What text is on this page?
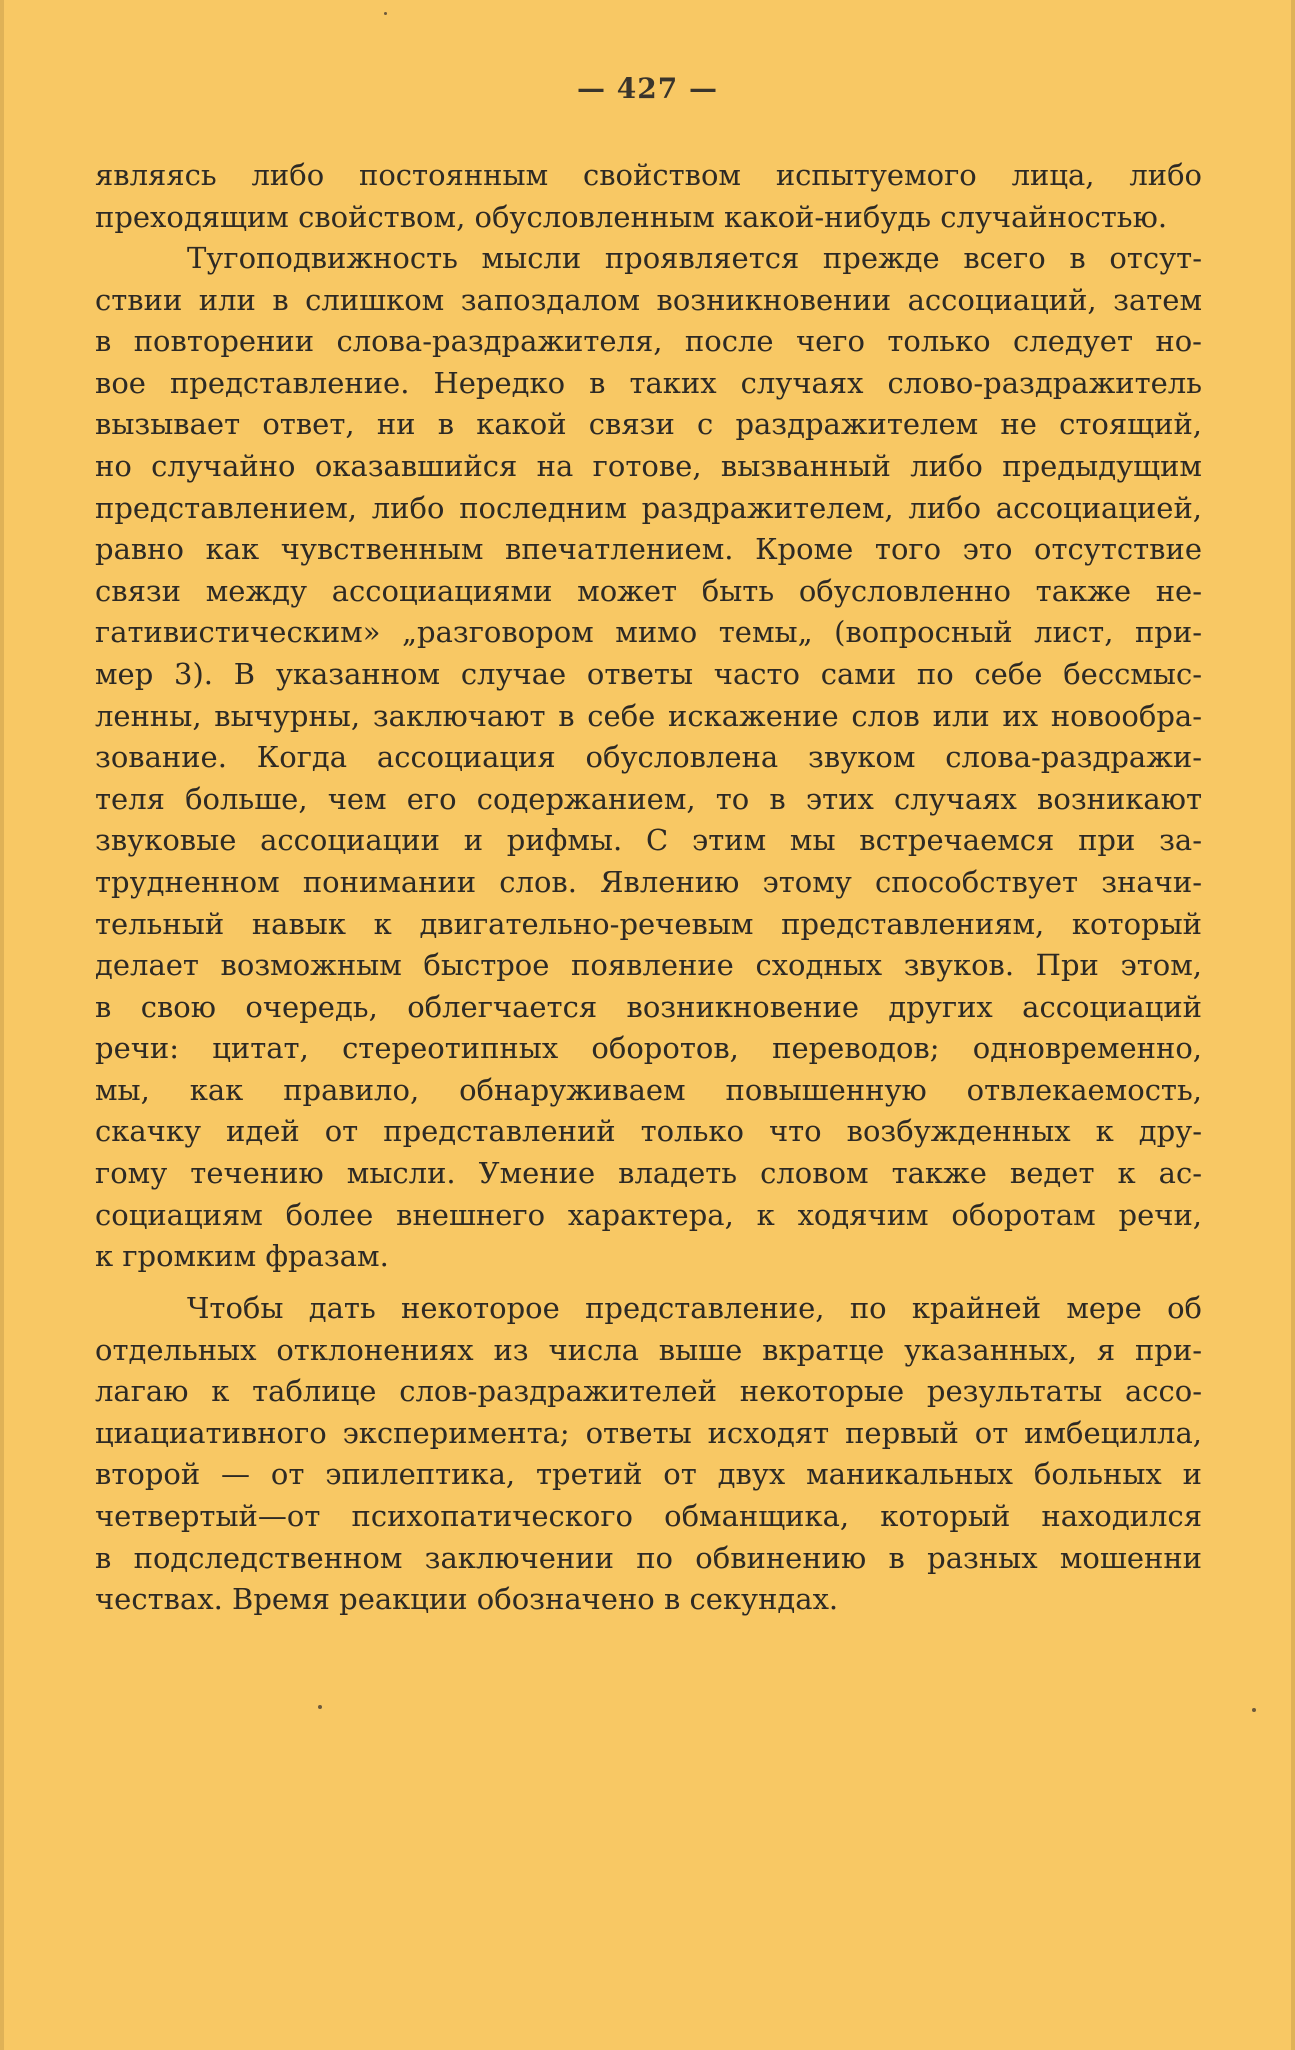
— 427 —
являясь либо постоянным свойством испытуемого лица, либо
преходящим свойством, обусловленным какой-нибудь случайностью.
Тугоподвижность мысли проявляется прежде всего в отсут-
ствии или в слишком запоздалом возникновении ассоциаций, затем
в повторении слова-раздражителя, после чего только следует но-
вое представление. Нередко в таких случаях слово-раздражитель
вызывает ответ, ни в какой связи с раздражителем не стоящий,
но случайно оказавшийся на готове, вызванный либо предыдущим
представлением, либо последним раздражителем, либо ассоциацией,
равно как чувственным впечатлением. Кроме того это отсутствие
связи между ассоциациями может быть обусловленно также не-
гативистическим» „разговором мимо темы„ (вопросный лист, при-
мер 3). В указанном случае ответы часто сами по себе бессмыс-
ленны, вычурны, заключают в себе искажение слов или их новообра-
зование. Когда ассоциация обусловлена звуком слова-раздражи-
теля больше, чем его содержанием, то в этих случаях возникают
звуковые ассоциации и рифмы. С этим мы встречаемся при за-
трудненном понимании слов. Явлению этому способствует значи-
тельный навык к двигательно-речевым представлениям, который
делает возможным быстрое появление сходных звуков. При этом,
в свою очередь, облегчается возникновение других ассоциаций
речи: цитат, стереотипных оборотов, переводов; одновременно,
мы, как правило, обнаруживаем повышенную отвлекаемость,
скачку идей от представлений только что возбужденных к дру-
гому течению мысли. Умение владеть словом также ведет к ас-
социациям более внешнего характера, к ходячим оборотам речи,
к громким фразам.
Чтобы дать некоторое представление, по крайней мере об
отдельных отклонениях из числа выше вкратце указанных, я при-
лагаю к таблице слов-раздражителей некоторые результаты ассо-
циациативного эксперимента; ответы исходят первый от имбецилла,
второй — от эпилептика, третий от двух маникальных больных и
четвертый—от психопатического обманщика, который находился
в подследственном заключении по обвинению в разных мошенни
чествах. Время реакции обозначено в секундах.
